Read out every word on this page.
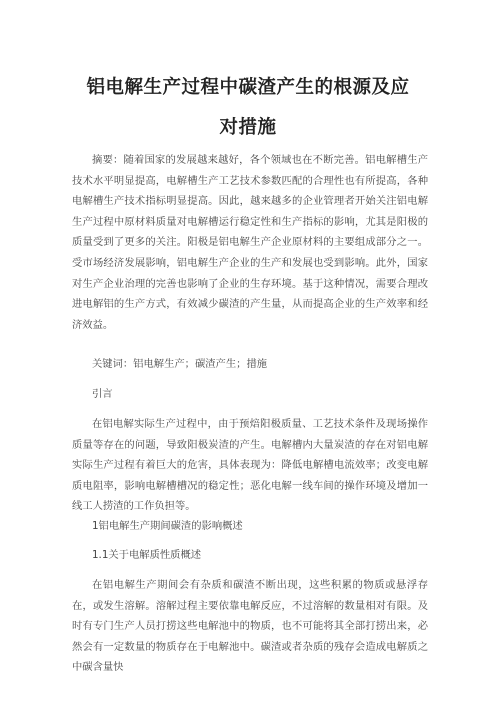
铝电解生产过程中碳渣产生的根源及应
对措施

摘要：随着国家的发展越来越好，各个领域也在不断完善。铝电解槽生产技术水平明显提高，电解槽生产工艺技术参数匹配的合理性也有所提高，各种电解槽生产技术指标明显提高。因此，越来越多的企业管理者开始关注铝电解生产过程中原材料质量对电解槽运行稳定性和生产指标的影响，尤其是阳极的质量受到了更多的关注。阳极是铝电解生产企业原材料的主要组成部分之一。受市场经济发展影响，铝电解生产企业的生产和发展也受到影响。此外，国家对生产企业治理的完善也影响了企业的生存环境。基于这种情况，需要合理改进电解铝的生产方式，有效减少碳渣的产生量，从而提高企业的生产效率和经济效益。

关键词：铝电解生产；碳渣产生；措施

引言

在铝电解实际生产过程中，由于预焙阳极质量、工艺技术条件及现场操作质量等存在的问题，导致阳极炭渣的产生。电解槽内大量炭渣的存在对铝电解实际生产过程有着巨大的危害，具体表现为：降低电解槽电流效率；改变电解质电阻率，影响电解槽槽况的稳定性；恶化电解一线车间的操作环境及增加一线工人捞渣的工作负担等。

1铝电解生产期间碳渣的影响概述

1.1关于电解质性质概述

在铝电解生产期间会有杂质和碳渣不断出现，这些积累的物质或悬浮存在，或发生溶解。溶解过程主要依靠电解反应，不过溶解的数量相对有限。及时有专门生产人员打捞这些电解池中的物质，也不可能将其全部打捞出来，必然会有一定数量的物质存在于电解池中。碳渣或者杂质的残存会造成电解质之中碳含量快
